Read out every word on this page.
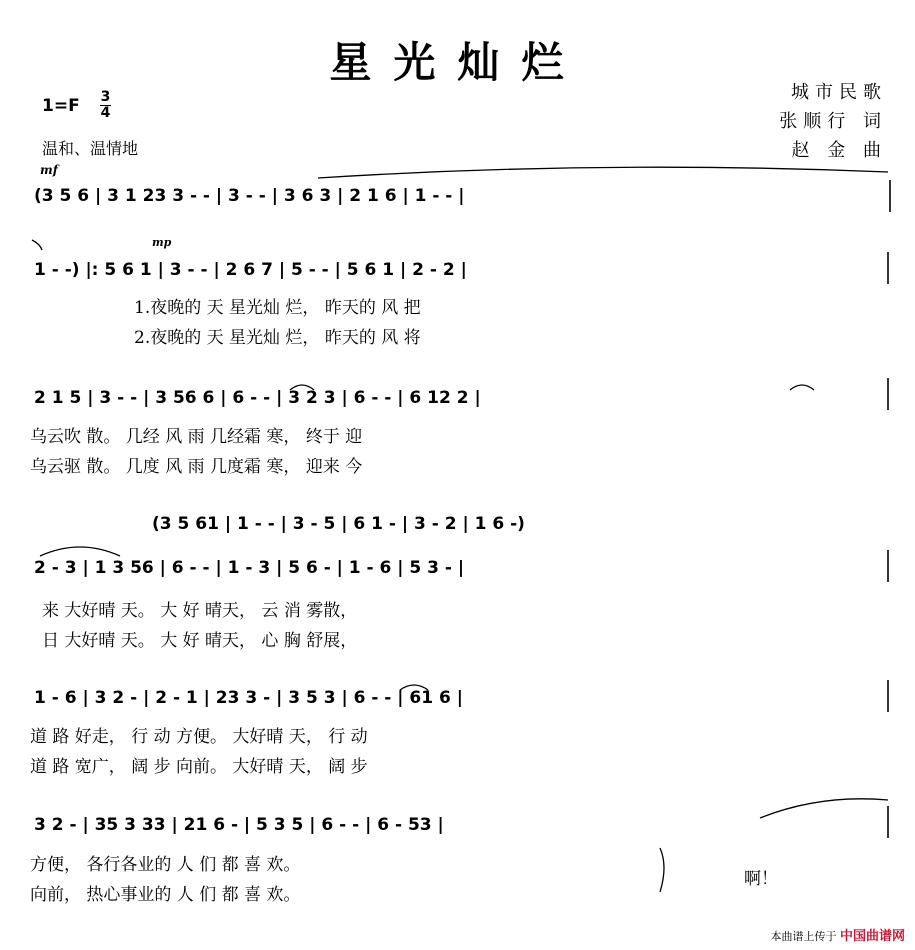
星光灿烂
城市民歌
张顺行 词
赵 金 曲
1=F 3
4
温和、温情地
mf
(3 5 6 | 3 1 23 3 - - | 3 - - | 3 6 3 | 2 1 6 | 1 - - |
mp
1 - -) |: 5 6 1 | 3 - - | 2 6 7 | 5 - - | 5 6 1 | 2 - 2 |
1.夜晚的 天 星光灿 烂， 昨天的 风 把
2.夜晚的 天 星光灿 烂， 昨天的 风 将
2 1 5 | 3 - - | 3 56 6 | 6 - - | 3 2 3 | 6 - - | 6 12 2 |
乌云吹 散。 几经 风 雨 几经霜 寒， 终于 迎
乌云驱 散。 几度 风 雨 几度霜 寒， 迎来 今
(3 5 61 | 1 - - | 3 - 5 | 6 1 - | 3 - 2 | 1 6 -)
2 - 3 | 1 3 56 | 6 - - | 1 - 3 | 5 6 - | 1 - 6 | 5 3 - |
来 大好晴 天。 大 好 晴天， 云 消 雾散，
日 大好晴 天。 大 好 晴天， 心 胸 舒展，
1 - 6 | 3 2 - | 2 - 1 | 23 3 - | 3 5 3 | 6 - - | 61 6 |
道 路 好走， 行 动 方便。 大好晴 天， 行 动
道 路 宽广， 阔 步 向前。 大好晴 天， 阔 步
3 2 - | 35 3 33 | 21 6 - | 5 3 5 | 6 - - | 6 - 53 |
方便， 各行各业的 人 们 都 喜 欢。
向前， 热心事业的 人 们 都 喜 欢。
啊！
本曲谱上传于 中国曲谱网
